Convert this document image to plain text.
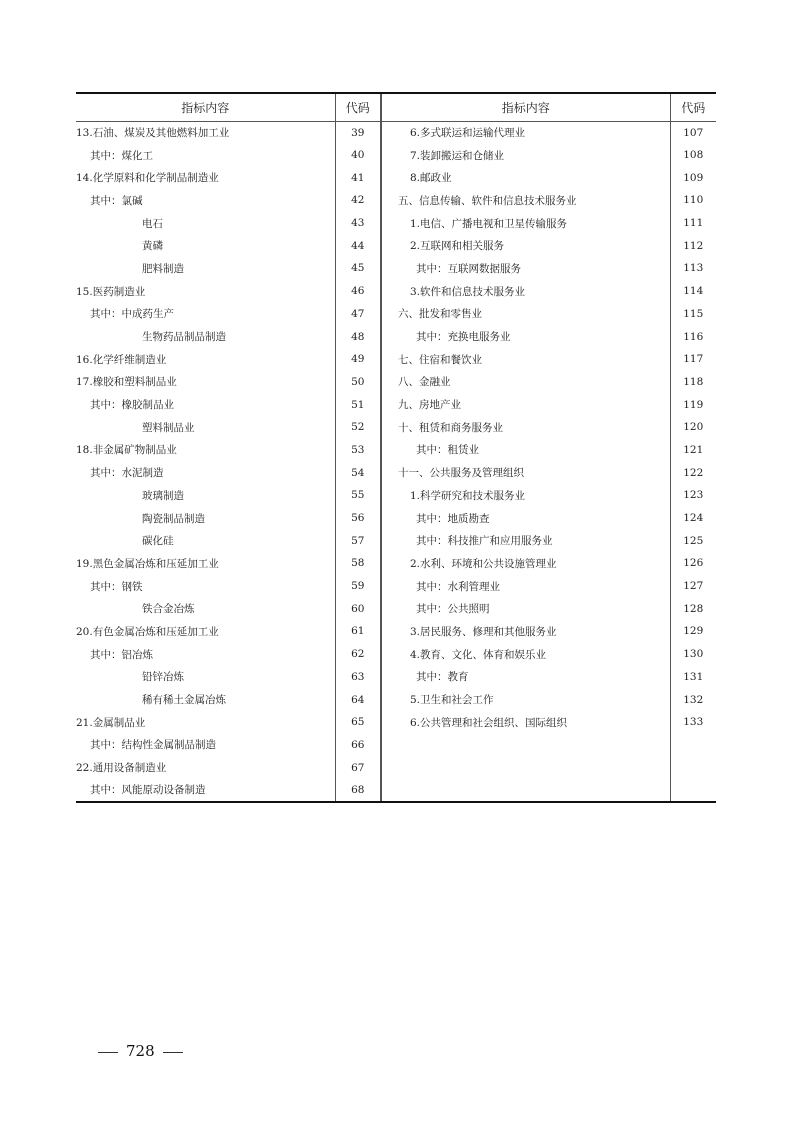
指标内容	代码	指标内容	代码
13.石油、煤炭及其他燃料加工业	39	6.多式联运和运输代理业	107
其中：煤化工	40	7.装卸搬运和仓储业	108
14.化学原料和化学制品制造业	41	8.邮政业	109
其中：氯碱	42	五、信息传输、软件和信息技术服务业	110
电石	43	1.电信、广播电视和卫星传输服务	111
黄磷	44	2.互联网和相关服务	112
肥料制造	45	其中：互联网数据服务	113
15.医药制造业	46	3.软件和信息技术服务业	114
其中：中成药生产	47	六、批发和零售业	115
生物药品制品制造	48	其中：充换电服务业	116
16.化学纤维制造业	49	七、住宿和餐饮业	117
17.橡胶和塑料制品业	50	八、金融业	118
其中：橡胶制品业	51	九、房地产业	119
塑料制品业	52	十、租赁和商务服务业	120
18.非金属矿物制品业	53	其中：租赁业	121
其中：水泥制造	54	十一、公共服务及管理组织	122
玻璃制造	55	1.科学研究和技术服务业	123
陶瓷制品制造	56	其中：地质勘查	124
碳化硅	57	其中：科技推广和应用服务业	125
19.黑色金属冶炼和压延加工业	58	2.水利、环境和公共设施管理业	126
其中：钢铁	59	其中：水利管理业	127
铁合金冶炼	60	其中：公共照明	128
20.有色金属冶炼和压延加工业	61	3.居民服务、修理和其他服务业	129
其中：铝冶炼	62	4.教育、文化、体育和娱乐业	130
铅锌冶炼	63	其中：教育	131
稀有稀土金属冶炼	64	5.卫生和社会工作	132
21.金属制品业	65	6.公共管理和社会组织、国际组织	133
其中：结构性金属制品制造	66		
22.通用设备制造业	67		
其中：风能原动设备制造	68		
728
